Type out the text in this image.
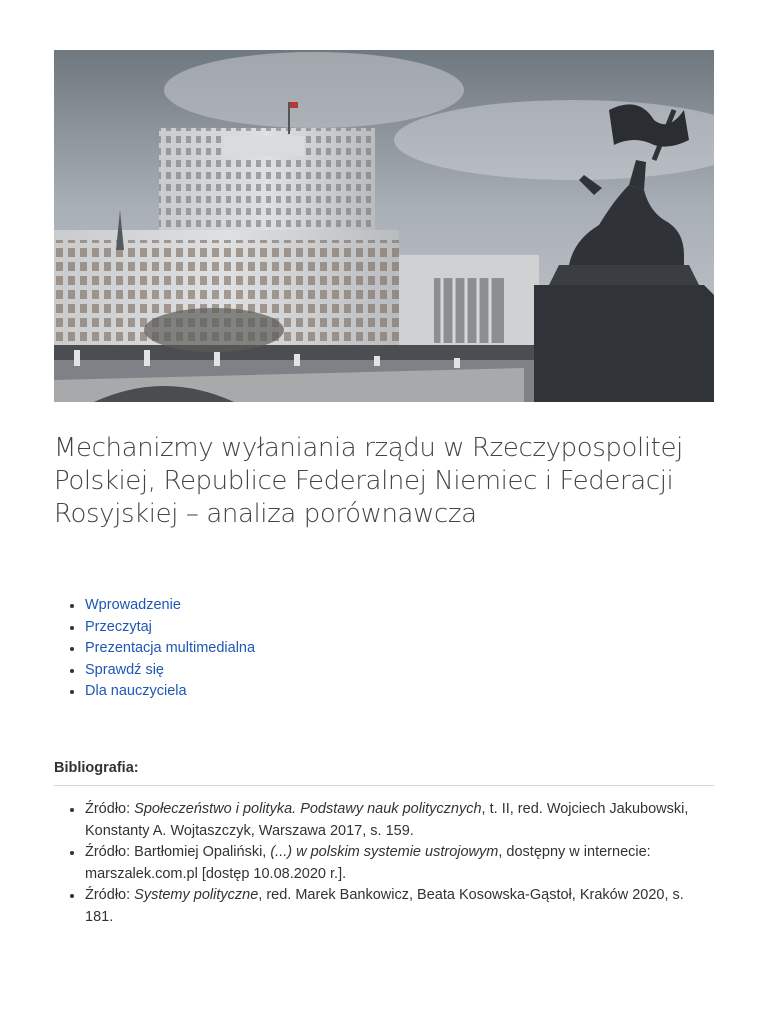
Mechanizmy wyłaniania rządu w Rzeczypospolitej Polskiej, Republice Federalnej Niemiec i Federacji Rosyjskiej – analiza porównawcza
Wprowadzenie
Przeczytaj
Prezentacja multimedialna
Sprawdź się
Dla nauczyciela
Bibliografia:
Źródło: Społeczeństwo i polityka. Podstawy nauk politycznych, t. II, red. Wojciech Jakubowski, Konstanty A. Wojtaszczyk, Warszawa 2017, s. 159.
Źródło: Bartłomiej Opaliński, (...) w polskim systemie ustrojowym, dostępny w internecie: marszalek.com.pl [dostęp 10.08.2020 r.].
Źródło: Systemy polityczne, red. Marek Bankowicz, Beata Kosowska-Gąstoł, Kraków 2020, s. 181.
